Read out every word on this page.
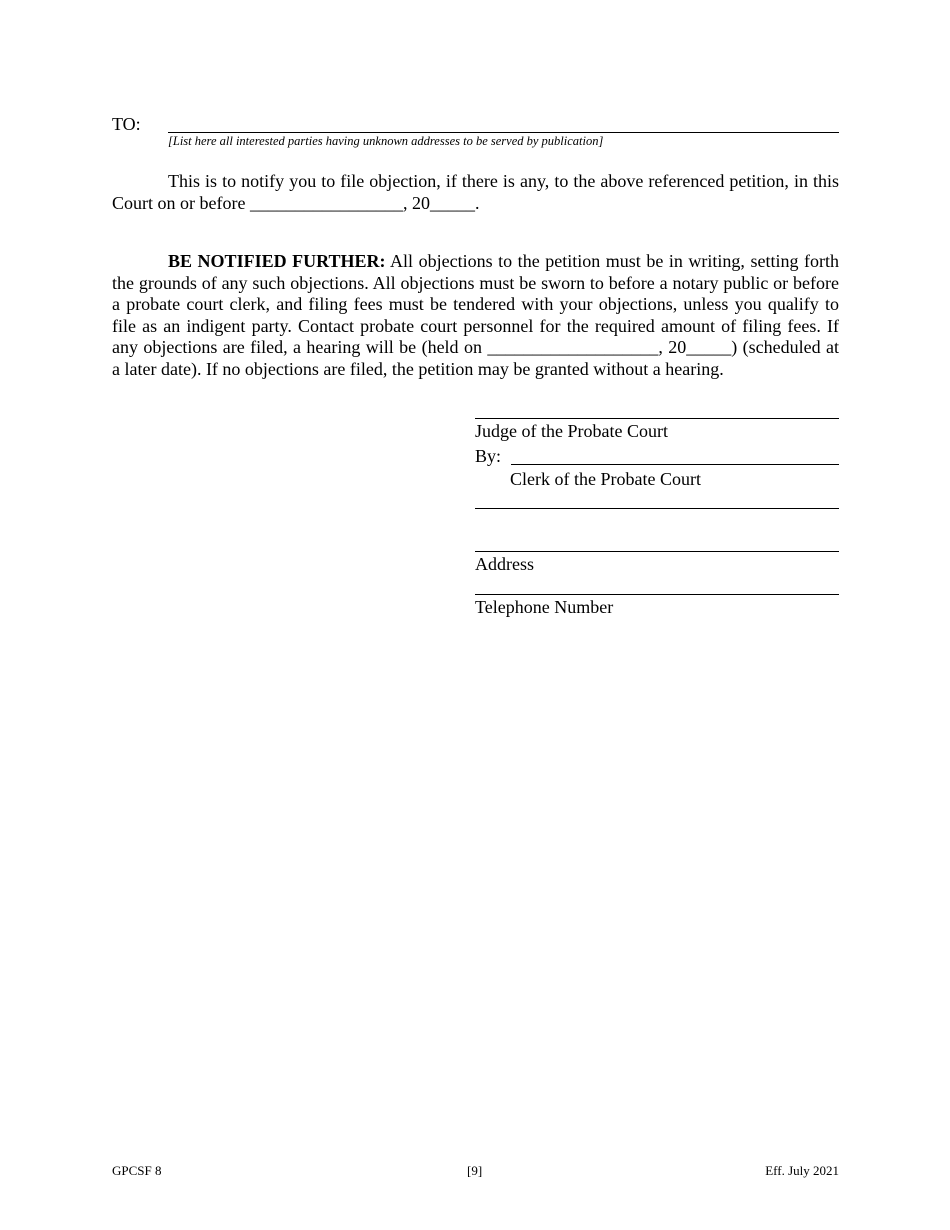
TO:
[List here all interested parties having unknown addresses to be served by publication]
This is to notify you to file objection, if there is any, to the above referenced petition, in this Court on or before _________________, 20_____.
BE NOTIFIED FURTHER: All objections to the petition must be in writing, setting forth the grounds of any such objections. All objections must be sworn to before a notary public or before a probate court clerk, and filing fees must be tendered with your objections, unless you qualify to file as an indigent party. Contact probate court personnel for the required amount of filing fees. If any objections are filed, a hearing will be (held on ___________________, 20_____) (scheduled at a later date). If no objections are filed, the petition may be granted without a hearing.
Judge of the Probate Court
By:
Clerk of the Probate Court
Address
Telephone Number
GPCSF 8	[9]	Eff. July 2021
